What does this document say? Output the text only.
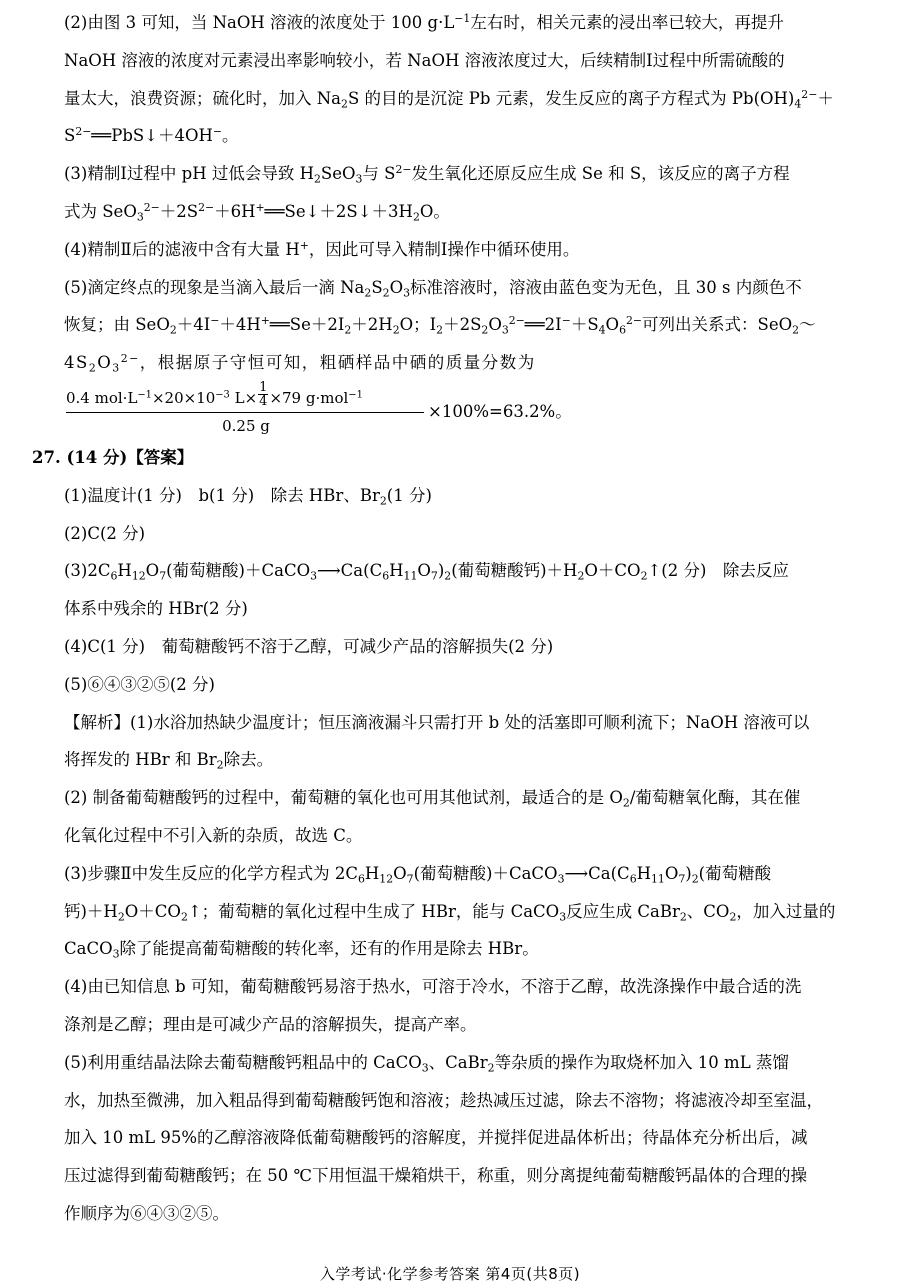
(2)由图 3 可知，当 NaOH 溶液的浓度处于 100 $g\cdot L^{-1}$左右时，相关元素的浸出率已较大，再提升
NaOH 溶液的浓度对元素浸出率影响较小，若 NaOH 溶液浓度过大，后续精制Ⅰ过程中所需硫酸的
量太大，浪费资源；硫化时，加入 $Na_2S$ 的目的是沉淀 Pb 元素，发生反应的离子方程式为 $Pb(OH)_4^{2-}+$
$S^{2-}══PbS↓+4OH^-$。
(3)精制Ⅰ过程中 pH 过低会导致 $H_2SeO_3$与 $S^{2-}$发生氧化还原反应生成 Se 和 S，该反应的离子方程
式为 $SeO_3^{2-}+2S^{2-}+6H^+══Se↓+2S↓+3H_2O$。
(4)精制Ⅱ后的滤液中含有大量 H+，因此可导入精制Ⅰ操作中循环使用。
(5)滴定终点的现象是当滴入最后一滴 $Na_2S_2O_3$标准溶液时，溶液由蓝色变为无色，且 30 s 内颜色不
恢复；由 $SeO_2+4I^-+4H^+══Se+2I_2+2H_2O$；$I_2+2S_2O_3^{2-}══2I^-+S_4O_6^{2-}$可列出关系式：SeO$_2$～
$4S_2O_3^{2-}$，根据原子守恒可知，粗硒样品中硒的质量分数为
0.4 $mol\cdot L^{-1}\times 20\times 10^{-3}$ $L\times \frac{1}{4} \times 79$ g·mol$^{-1}$
0.25 g
×100%=63.2%。
27. (14 分)【答案】
(1)温度计(1 分)　b(1 分)　除去 HBr、$Br_2(1$ 分)
(2)C(2 分)
$(3)2C_6H_{12}O_7$(葡萄糖酸)$+CaCO_3⟶Ca(C_6H_{11}O_7)_2$(葡萄糖酸钙)$+H_2O+CO_2↑(2$ 分)　除去反应
体系中残余的 HBr(2 分)
(4)C(1 分)　葡萄糖酸钙不溶于乙醇，可减少产品的溶解损失(2 分)
(5)⑥④③②⑤(2 分)
【解析】(1)水浴加热缺少温度计；恒压滴液漏斗只需打开 b 处的活塞即可顺利流下；NaOH 溶液可以
将挥发的 HBr 和 $Br_2$除去。
(2) 制备葡萄糖酸钙的过程中，葡萄糖的氧化也可用其他试剂，最适合的是 $O_2/$葡萄糖氧化酶，其在催
化氧化过程中不引入新的杂质，故选 C。
(3)步骤Ⅱ中发生反应的化学方程式为 $2C_6H_{12}O_7$(葡萄糖酸)$+CaCO_3⟶Ca(C_6H_{11}O_7)_2$(葡萄糖酸
钙)$+H_2O+CO_2↑$；葡萄糖的氧化过程中生成了 HBr，能与 CaCO$_3$反应生成 CaBr$_2$、$CO_2$，加入过量的
CaCO$_3$除了能提高葡萄糖酸的转化率，还有的作用是除去 HBr。
(4)由已知信息 b 可知，葡萄糖酸钙易溶于热水，可溶于冷水，不溶于乙醇，故洗涤操作中最合适的洗
涤剂是乙醇；理由是可减少产品的溶解损失，提高产率。
(5)利用重结晶法除去葡萄糖酸钙粗品中的 CaCO$_3$、CaBr$_2$等杂质的操作为取烧杯加入 10 mL 蒸馏
水，加热至微沸，加入粗品得到葡萄糖酸钙饱和溶液；趁热减压过滤，除去不溶物；将滤液冷却至室温，
加入 10 mL 95%的乙醇溶液降低葡萄糖酸钙的溶解度，并搅拌促进晶体析出；待晶体充分析出后，减
压过滤得到葡萄糖酸钙；在 50 ℃下用恒温干燥箱烘干，称重，则分离提纯葡萄糖酸钙晶体的合理的操
作顺序为⑥④③②⑤。
入学考试·化学参考答案 第4页(共8页)
